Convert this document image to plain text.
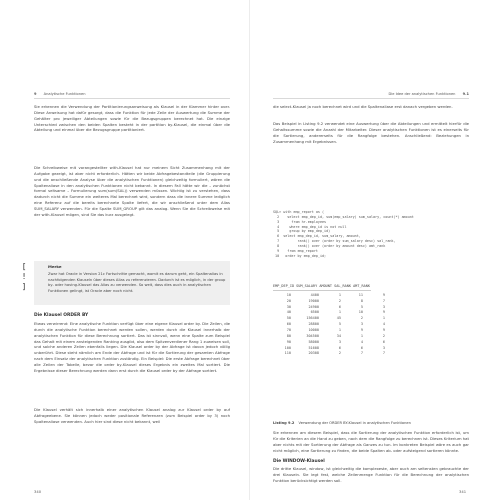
9 Analytische Funktionen
Sie erkennen die Verwendung der Partitionierungsanweisung als Klausel in der Klammer hinter over. Diese Anweisung hat dafür gesorgt, dass die Funktion für jede Zeile der Auswertung die Summe der Gehälter pro jeweiliger Abteilungen sowie für die Bezugsgruppen berechnet hat. Die einzige Unterschied zwischen den beiden Spalten besteht in der partition by-Klausel, die einmal über die Abteilung und einmal über die Bezugsgruppe partitioniert.
Die Schreibweise mit vorangestellter with-Klausel hat nur meinem Sicht Zusammenhang mit der Aufgabe gezeigt, ist aber nicht erforderlich. Hätten wir beide Abfragebestandteile (die Gruppierung und die anschließende Analyse über die analytischen Funktionen) gleichzeitig formuliert, wären die Spaltenaliase in den analytischen Funktionen nicht bekannt. In diesem Fall hätte wir die – zunächst formal seltsame – Formulierung sum(sum(SAL)) verwenden müssen. Wichtig ist zu verstehen, dass dadurch nicht die Summe ein weiteres Mal berechnet wird, sondern dass die innere Summe lediglich eine Referenz auf die bereits berechnete Spalte liefert, die wir anschließend unter dem Alias SUM_SALARY verwenden. Für die Spalte SUM_GROUP gilt das analog. Wenn Sie die Schreibweise mit der with-Klausel mögen, sind Sie das kurz ausgelegt.
[ ! ]
Merke
Zwar hat Oracle in Version 21c Fortschritte gemacht, womit es darum geht, ein Spaltenalias in nachfolgenden Klauseln über dieses Alias zu referenzieren. Dadurch ist es möglich, in der group by- oder having-Klausel das Alias zu verwenden. So weit, dass dies auch in analytischen Funktionen gelingt, ist Oracle aber noch nicht.
Die Klausel ORDER BY
Etwas verwirrend: Eine analytische Funktion verfügt über eine eigene Klausel order by. Die Zeilen, die durch die analytische Funktion berechnet werden sollen, werden durch die Klausel innerhalb der analytischen Funktion für diese Berechnung sortiert. Das ist sinnvoll, wenn eine Spalte zum Beispiel das Gehalt mit einem ansteigenden Ranking ausgibt, also dem Spitzenverdiener Rang 1 zuweisen soll, und solche anderen Zeilen ebenfalls liegen. Die Klausel order by der Abfrage ist davon jedoch völlig unberührt. Diese steht nämlich am Ende der Abfrage und ist für die Sortierung der gesamten Abfrage nach dem Einsatz der analytischen Funktion zuständig. Ein Beispiel: Die erste Abfrage berechnet über alle Zeilen der Tabelle, bevor die order by-Klausel dieses Ergebnis ein zweites Mal sortiert. Die Ergebnisse dieser Berechnung werden dann erst durch die Klausel order by der Abfrage sortiert.
Die Klausel verhält sich innerhalb einer analytischen Klausel analog zur Klausel order by auf Abfrageebene. Sie können jedoch weder positionale Referenzen (zum Beispiel order by 3) noch Spaltenaliase verwenden. Auch hier sind diese nicht bekannt, weil
340
Die Idee der analytischen Funktionen 9.1
die select-Klausel ja noch berechnet wird und die Spaltenaliase erst danach vergeben werden.
Das Beispiel in Listing 9.2 verwendet eine Auswertung über die Abteilungen und ermittelt hierfür die Gehaltssumme sowie die Anzahl der Mitarbeiter. Dieser analytischen Funktionen ist es einerseits für die Sortierung, andererseits für die Rangfolge bestehen. Anschließend: Beziehungen in Zusammenhang mit Ergebnissen.
SQL> with emp_report as (
2    select emp_dep_id, sum(emp_salary) sum_salary, count(*) amount
3      from hr.employees
4     where emp_dep_id is not null
5     group by emp_dep_id)
6  select emp_dep_id, sum_salary, amount,
7         rank() over (order by sum_salary desc) sal_rank,
8         rank() over (order by amount desc) amt_rank
9    from emp_report
10   order by emp_dep_id;
EMP_DEP_ID SUM_SALARY AMOUNT SAL_RANK AMT_RANK
10	4400	1	11	9
20	19000	2	8	7
30	24900	6	5	3
40	6500	1	10	9
50	156400	45	2	1
60	28800	5	3	4
70	10000	1	9	9
80	304500	34	1	2
90	58000	3	4	6
100	51608	6	6	3
110	20308	2	7	7
Listing 9.2 Verwendung der ORDER BY-Klausel in analytischen Funktionen
Sie erkennen am diesem Beispiel, dass die Sortierung der analytischen Funktion erforderlich ist, um für die Kriterien an die Hand zu geben, nach dem die Rangfolge zu berechnen ist. Dieses Kriterium hat aber nichts mit der Sortierung der Abfrage als Ganzes zu tun. Im konkreten Beispiel wäre es auch gar nicht möglich, eine Sortierung zu finden, die beide Spalten ab- oder aufsteigend sortieren könnte.
341
Die WINDOW-Klausel
Die dritte Klausel, window, ist gleichzeitig die komplexeste, aber auch am seltensten gebrauchte der drei Klauseln. Sie legt fest, welche Zeilenmenge Funktion für die Berechnung der analytischen Funktion berücksichtigt werden soll.
